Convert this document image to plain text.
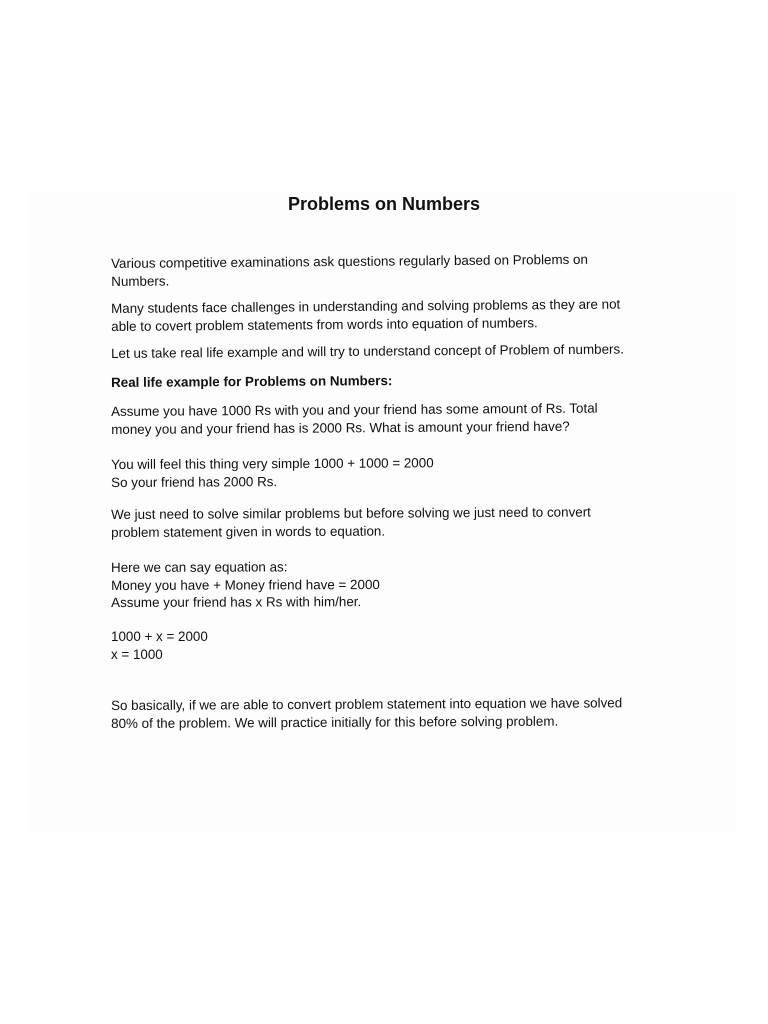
Problems on Numbers

Various competitive examinations ask questions regularly based on Problems on
Numbers.

Many students face challenges in understanding and solving problems as they are not
able to covert problem statements from words into equation of numbers.

Let us take real life example and will try to understand concept of Problem of numbers.

Real life example for Problems on Numbers:

Assume you have 1000 Rs with you and your friend has some amount of Rs. Total
money you and your friend has is 2000 Rs. What is amount your friend have?

You will feel this thing very simple 1000 + 1000 = 2000
So your friend has 2000 Rs.

We just need to solve similar problems but before solving we just need to convert
problem statement given in words to equation.

Here we can say equation as:
Money you have + Money friend have = 2000
Assume your friend has x Rs with him/her.

1000 + x = 2000
x = 1000

So basically, if we are able to convert problem statement into equation we have solved
80% of the problem. We will practice initially for this before solving problem.
